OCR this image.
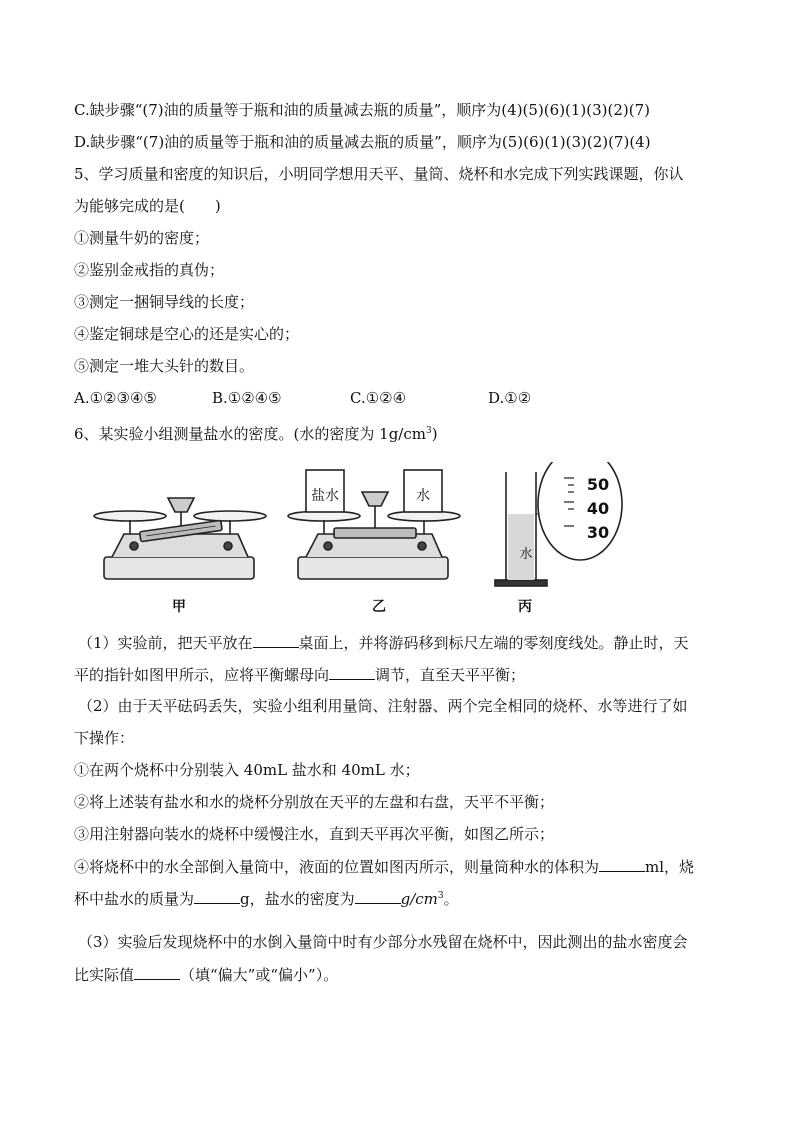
C.缺步骤“(7)油的质量等于瓶和油的质量减去瓶的质量”，顺序为(4)(5)(6)(1)(3)(2)(7)
D.缺步骤“(7)油的质量等于瓶和油的质量减去瓶的质量”，顺序为(5)(6)(1)(3)(2)(7)(4)
5、学习质量和密度的知识后，小明同学想用天平、量筒、烧杯和水完成下列实践课题，你认
为能够完成的是(　　)
①测量牛奶的密度；
②鉴别金戒指的真伪；
③测定一捆铜导线的长度；
④鉴定铜球是空心的还是实心的；
⑤测定一堆大头针的数目。
A.①②③④⑤	B.①②④⑤	C.①②④	D.①②
6、某实验小组测量盐水的密度。(水的密度为 $1g/cm^3$)
盐水	水
水
50
40
30
甲	乙	丙
（1）实验前，把天平放在	桌面上，并将游码移到标尺左端的零刻度线处。静止时，天
平的指针如图甲所示，应将平衡螺母向	调节，直至天平平衡；
（2）由于天平砝码丢失，实验小组利用量筒、注射器、两个完全相同的烧杯、水等进行了如
下操作：
①在两个烧杯中分别装入 40mL 盐水和 40mL 水；
②将上述装有盐水和水的烧杯分别放在天平的左盘和右盘，天平不平衡；
③用注射器向装水的烧杯中缓慢注水，直到天平再次平衡，如图乙所示；
④将烧杯中的水全部倒入量筒中，液面的位置如图丙所示，则量筒种水的体积为	ml，烧
杯中盐水的质量为	g，盐水的密度为	$g/cm^3$。
（3）实验后发现烧杯中的水倒入量筒中时有少部分水残留在烧杯中，因此测出的盐水密度会
比实际值	（填“偏大”或“偏小”）。
